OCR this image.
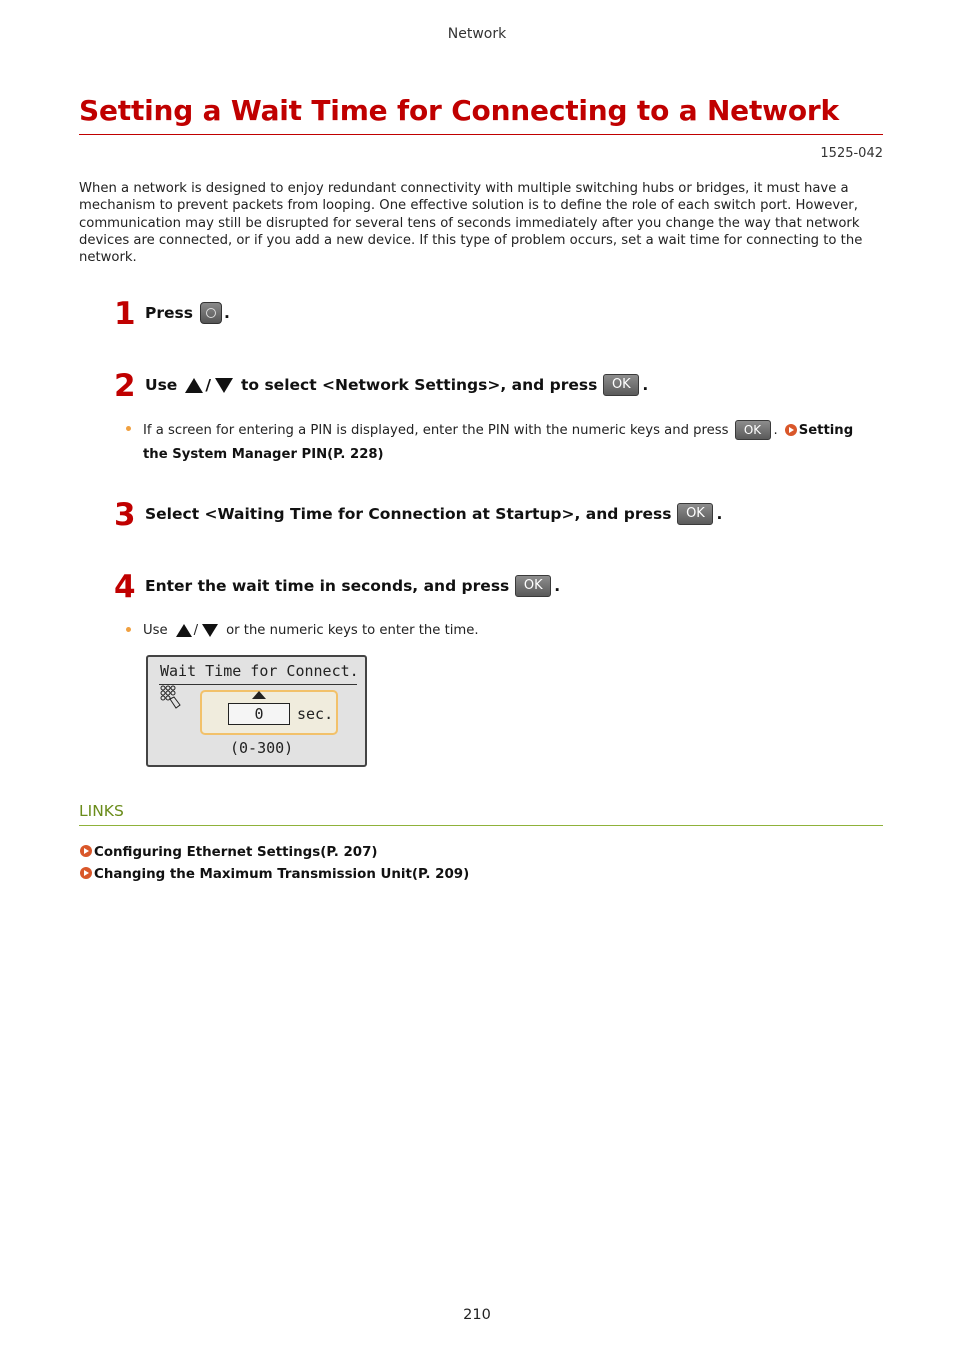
Network
Setting a Wait Time for Connecting to a Network
1525-042
When a network is designed to enjoy redundant connectivity with multiple switching hubs or bridges, it must have a mechanism to prevent packets from looping. One effective solution is to define the role of each switch port. However, communication may still be disrupted for several tens of seconds immediately after you change the way that network devices are connected, or if you add a new device. If this type of problem occurs, set a wait time for connecting to the network.
1 Press .
2 Use / to select <Network Settings>, and press	OK .
If a screen for entering a PIN is displayed, enter the PIN with the numeric keys and press	OK . Setting
the System Manager PIN(P. 228)
3 Select <Waiting Time for Connection at Startup>, and press	OK .
4 Enter the wait time in seconds, and press	OK .
Use / or the numeric keys to enter the time.
Wait Time for Connect.
0	sec.
(0-300)
LINKS
Configuring Ethernet Settings(P. 207)
Changing the Maximum Transmission Unit(P. 209)
210
